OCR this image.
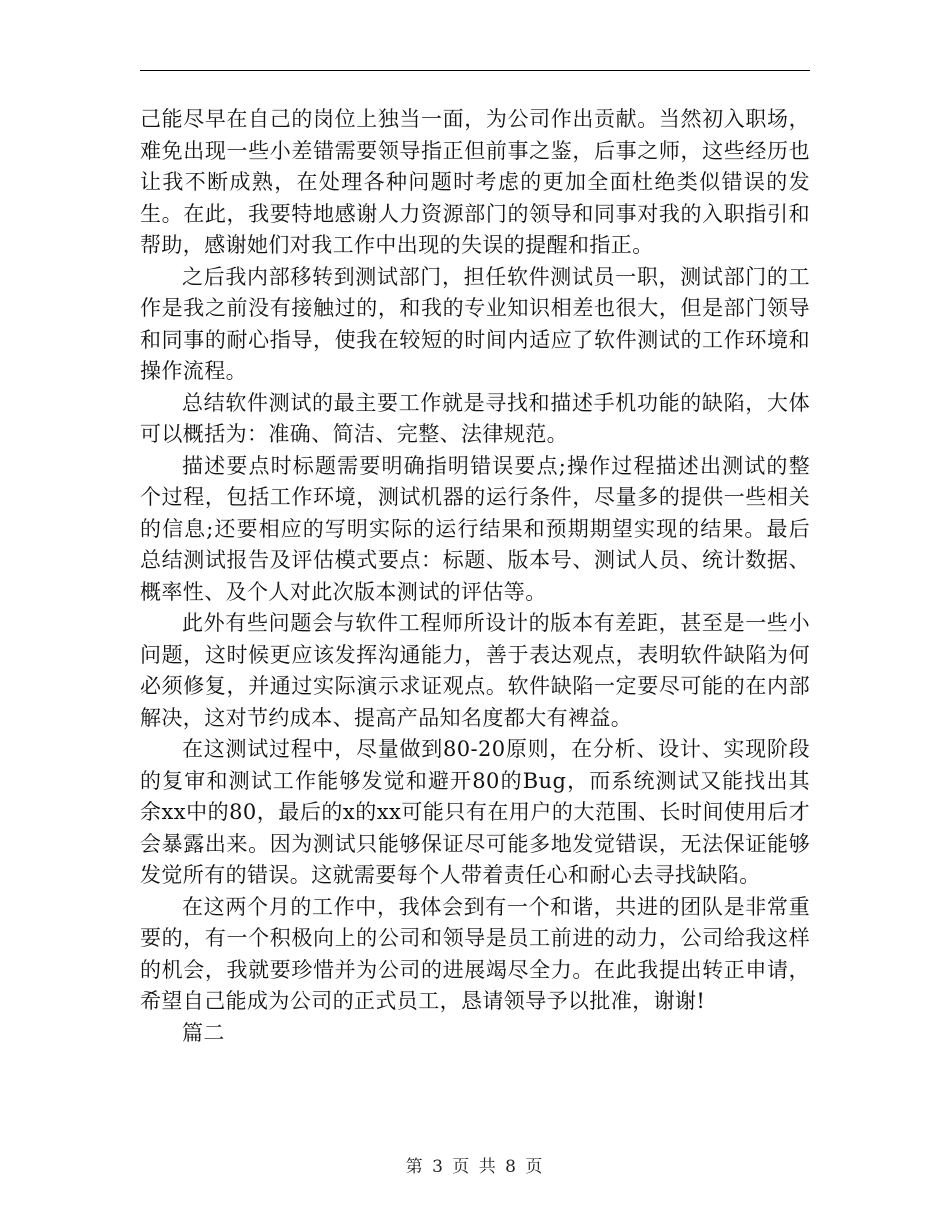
己能尽早在自己的岗位上独当一面，为公司作出贡献。当然初入职场，难免出现一些小差错需要领导指正但前事之鉴，后事之师，这些经历也让我不断成熟，在处理各种问题时考虑的更加全面杜绝类似错误的发生。在此，我要特地感谢人力资源部门的领导和同事对我的入职指引和帮助，感谢她们对我工作中出现的失误的提醒和指正。

之后我内部移转到测试部门，担任软件测试员一职，测试部门的工作是我之前没有接触过的，和我的专业知识相差也很大，但是部门领导和同事的耐心指导，使我在较短的时间内适应了软件测试的工作环境和操作流程。

总结软件测试的最主要工作就是寻找和描述手机功能的缺陷，大体可以概括为：准确、简洁、完整、法律规范。

描述要点时标题需要明确指明错误要点;操作过程描述出测试的整个过程，包括工作环境，测试机器的运行条件，尽量多的提供一些相关的信息;还要相应的写明实际的运行结果和预期期望实现的结果。最后总结测试报告及评估模式要点：标题、版本号、测试人员、统计数据、概率性、及个人对此次版本测试的评估等。

此外有些问题会与软件工程师所设计的版本有差距，甚至是一些小问题，这时候更应该发挥沟通能力，善于表达观点，表明软件缺陷为何必须修复，并通过实际演示求证观点。软件缺陷一定要尽可能的在内部解决，这对节约成本、提高产品知名度都大有裨益。

在这测试过程中，尽量做到80-20原则，在分析、设计、实现阶段的复审和测试工作能够发觉和避开80的Bug，而系统测试又能找出其余xx中的80，最后的x的xx可能只有在用户的大范围、长时间使用后才会暴露出来。因为测试只能够保证尽可能多地发觉错误，无法保证能够发觉所有的错误。这就需要每个人带着责任心和耐心去寻找缺陷。

在这两个月的工作中，我体会到有一个和谐，共进的团队是非常重要的，有一个积极向上的公司和领导是员工前进的动力，公司给我这样的机会，我就要珍惜并为公司的进展竭尽全力。在此我提出转正申请，希望自己能成为公司的正式员工，恳请领导予以批准，谢谢!

篇二

第 3 页 共 8 页
